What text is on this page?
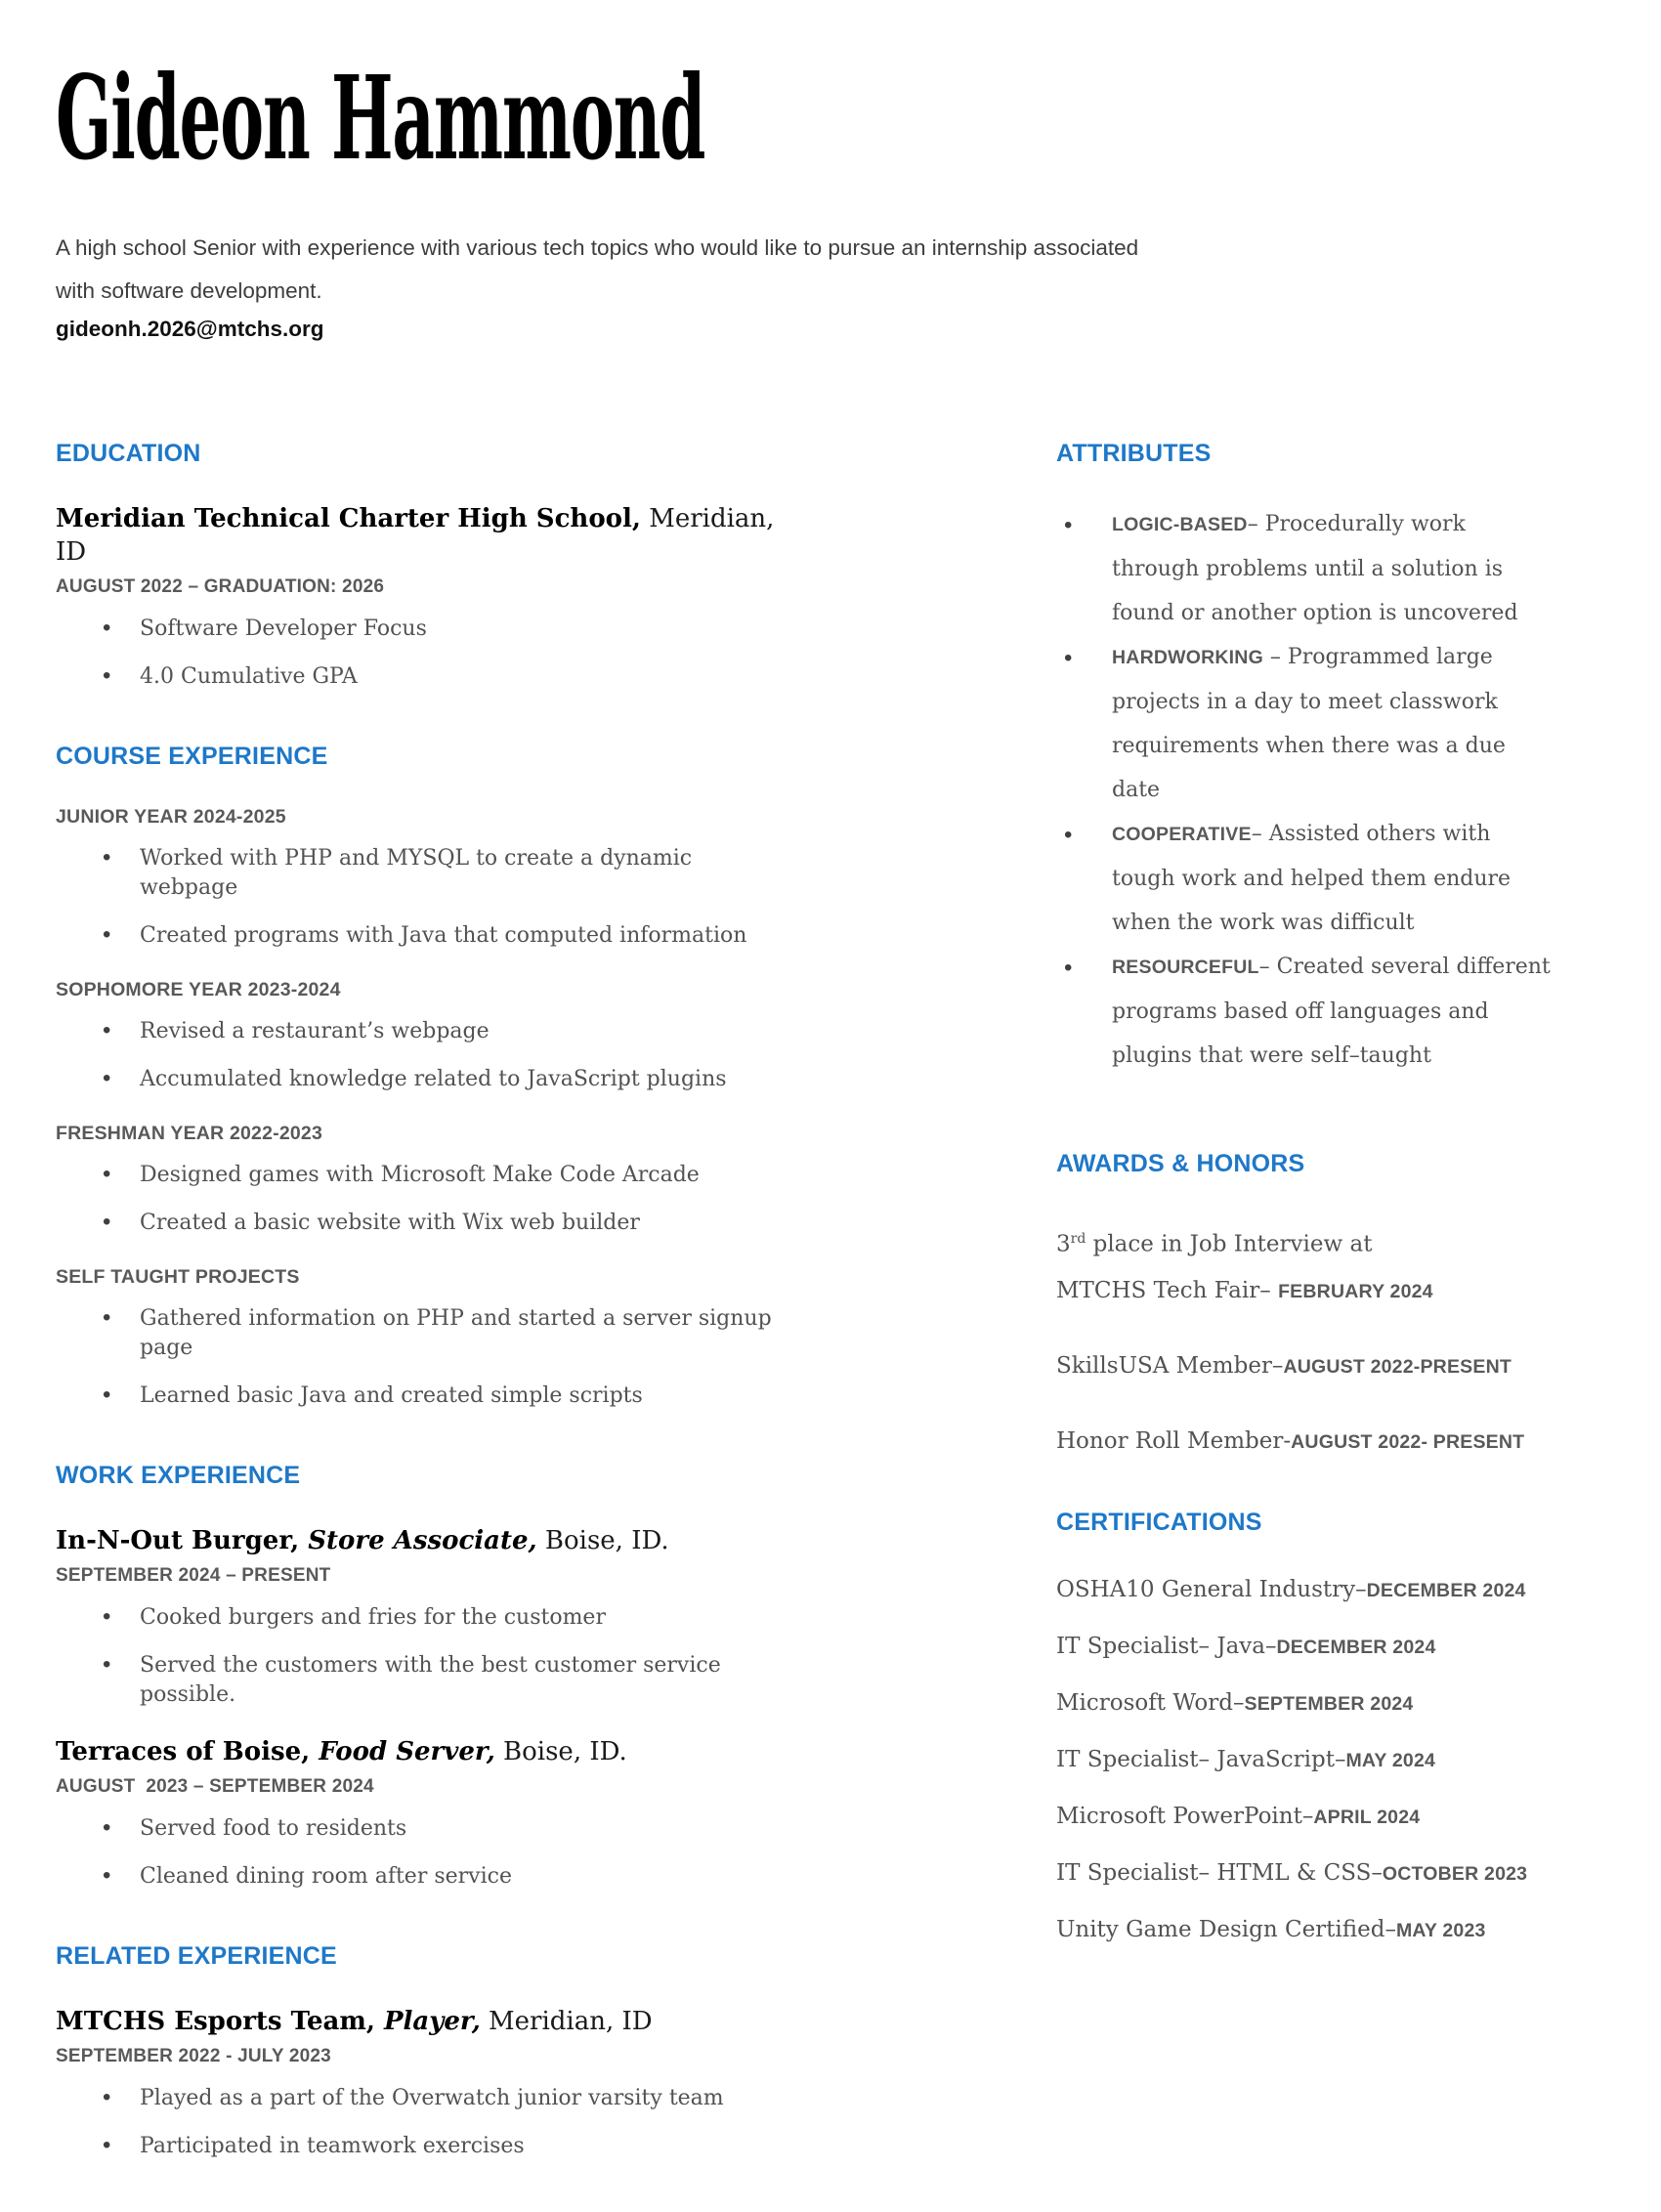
Gideon Hammond

A high school Senior with experience with various tech topics who would like to pursue an internship associated with software development.

gideonh.2026@mtchs.org

EDUCATION

Meridian Technical Charter High School, Meridian, ID

AUGUST 2022 – GRADUATION: 2026

• Software Developer Focus
• 4.0 Cumulative GPA
COURSE EXPERIENCE

JUNIOR YEAR 2024-2025

• Worked with PHP and MYSQL to create a dynamic webpage
• Created programs with Java that computed information

SOPHOMORE YEAR 2023-2024

• Revised a restaurant’s webpage
• Accumulated knowledge related to JavaScript plugins

FRESHMAN YEAR 2022-2023

• Designed games with Microsoft Make Code Arcade
• Created a basic website with Wix web builder

SELF TAUGHT PROJECTS

• Gathered information on PHP and started a server signup page
• Learned basic Java and created simple scripts
WORK EXPERIENCE

In-N-Out Burger, Store Associate, Boise, ID.

SEPTEMBER 2024 – PRESENT

• Cooked burgers and fries for the customer
• Served the customers with the best customer service possible.

Terraces of Boise, Food Server, Boise, ID.

AUGUST  2023 – SEPTEMBER 2024

• Served food to residents
• Cleaned dining room after service
RELATED EXPERIENCE

MTCHS Esports Team, Player, Meridian, ID

SEPTEMBER 2022 - JULY 2023

• Played as a part of the Overwatch junior varsity team
• Participated in teamwork exercises
ATTRIBUTES
• LOGIC-BASED– Procedurally work through problems until a solution is found or another option is uncovered
• HARDWORKING – Programmed large projects in a day to meet classwork requirements when there was a due date
• COOPERATIVE– Assisted others with tough work and helped them endure when the work was difficult
• RESOURCEFUL– Created several different programs based off languages and plugins that were self–taught
AWARDS & HONORS

3rd place in Job Interview at
MTCHS Tech Fair– FEBRUARY 2024

SkillsUSA Member–AUGUST 2022-PRESENT

Honor Roll Member-AUGUST 2022- PRESENT

CERTIFICATIONS

OSHA10 General Industry–DECEMBER 2024

IT Specialist– Java–DECEMBER 2024

Microsoft Word–SEPTEMBER 2024

IT Specialist– JavaScript–MAY 2024

Microsoft PowerPoint–APRIL 2024

IT Specialist– HTML & CSS–OCTOBER 2023

Unity Game Design Certified–MAY 2023
